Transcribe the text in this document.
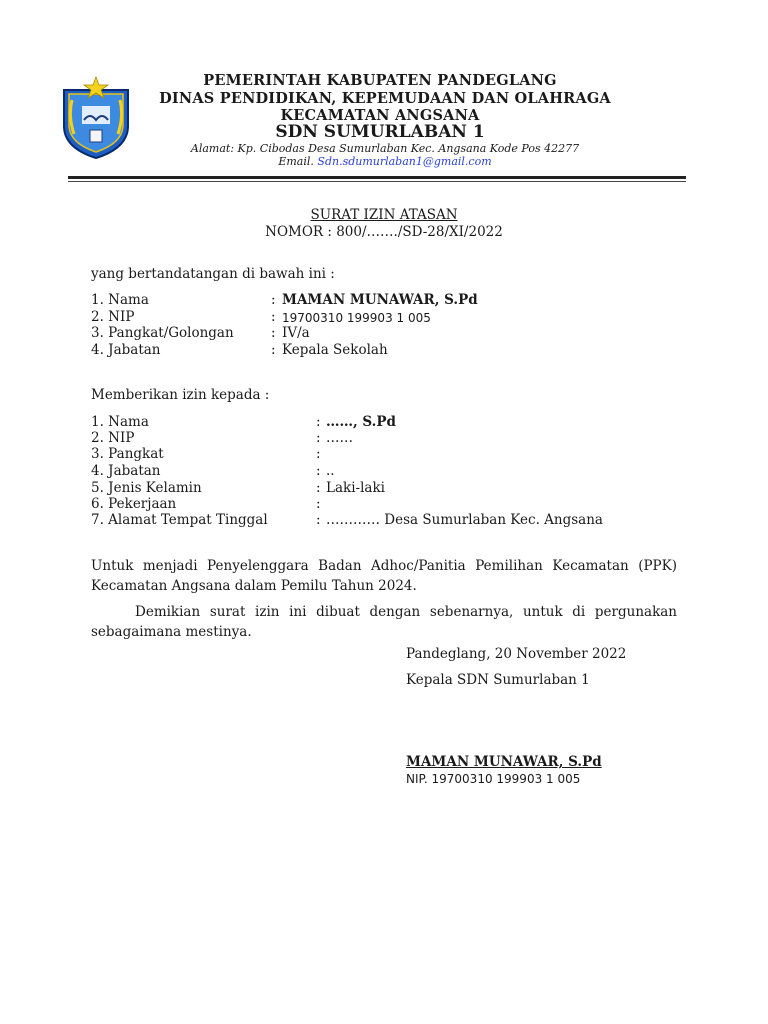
PEMERINTAH KABUPATEN PANDEGLANG
DINAS PENDIDIKAN, KEPEMUDAAN DAN OLAHRAGA
KECAMATAN ANGSANA
SDN SUMURLABAN 1
Alamat: Kp. Cibodas Desa Sumurlaban Kec. Angsana Kode Pos 42277
Email. Sdn.sdumurlaban1@gmail.com
SURAT IZIN ATASAN
NOMOR : 800/……./SD-28/XI/2022
yang bertandatangan di bawah ini :
1. Nama	: MAMAN MUNAWAR, S.Pd
2. NIP	: 19700310 199903 1 005
3. Pangkat/Golongan	: IV/a
4. Jabatan	: Kepala Sekolah
Memberikan izin kepada :
1. Nama	: ……, S.Pd
2. NIP	: ……
3. Pangkat	:
4. Jabatan	: ..
5. Jenis Kelamin	: Laki-laki
6. Pekerjaan	:
7. Alamat Tempat Tinggal	: ………… Desa Sumurlaban Kec. Angsana
Untuk menjadi Penyelenggara Badan Adhoc/Panitia Pemilihan Kecamatan (PPK) Kecamatan Angsana dalam Pemilu Tahun 2024.
Demikian surat izin ini dibuat dengan sebenarnya, untuk di pergunakan sebagaimana mestinya.
Pandeglang, 20 November 2022
Kepala SDN Sumurlaban 1
MAMAN MUNAWAR, S.Pd
NIP. 19700310 199903 1 005
